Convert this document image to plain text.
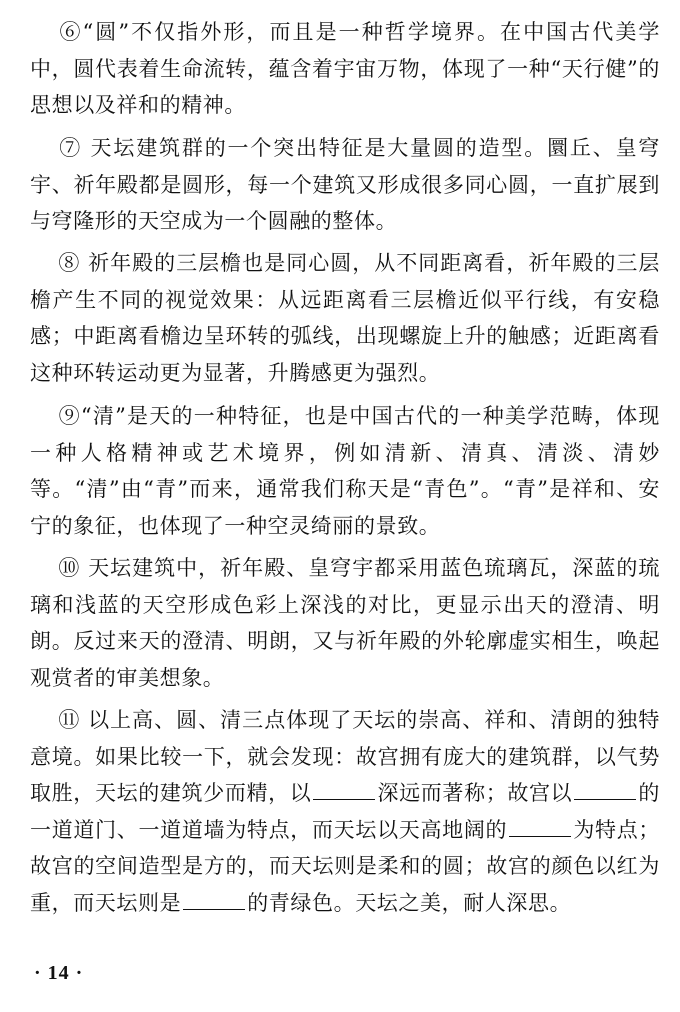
⑥“圆”不仅指外形，而且是一种哲学境界。在中国古代美学中，圆代表着生命流转，蕴含着宇宙万物，体现了一种“天行健”的思想以及祥和的精神。

⑦ 天坛建筑群的一个突出特征是大量圆的造型。圜丘、皇穹宇、祈年殿都是圆形，每一个建筑又形成很多同心圆，一直扩展到与穹隆形的天空成为一个圆融的整体。

⑧ 祈年殿的三层檐也是同心圆，从不同距离看，祈年殿的三层檐产生不同的视觉效果：从远距离看三层檐近似平行线，有安稳感；中距离看檐边呈环转的弧线，出现螺旋上升的触感；近距离看这种环转运动更为显著，升腾感更为强烈。

⑨“清”是天的一种特征，也是中国古代的一种美学范畴，体现一种人格精神或艺术境界，例如清新、清真、清淡、清妙等。“清”由“青”而来，通常我们称天是“青色”。“青”是祥和、安宁的象征，也体现了一种空灵绮丽的景致。

⑩ 天坛建筑中，祈年殿、皇穹宇都采用蓝色琉璃瓦，深蓝的琉璃和浅蓝的天空形成色彩上深浅的对比，更显示出天的澄清、明朗。反过来天的澄清、明朗，又与祈年殿的外轮廓虚实相生，唤起观赏者的审美想象。

⑪ 以上高、圆、清三点体现了天坛的崇高、祥和、清朗的独特意境。如果比较一下，就会发现：故宫拥有庞大的建筑群，以气势取胜，天坛的建筑少而精，以	深远而著称；故宫以	的一道道门、一道道墙为特点，而天坛以天高地阔的	为特点；故宫的空间造型是方的，而天坛则是柔和的圆；故宫的颜色以红为重，而天坛则是	的青绿色。天坛之美，耐人深思。

· 14 ·
